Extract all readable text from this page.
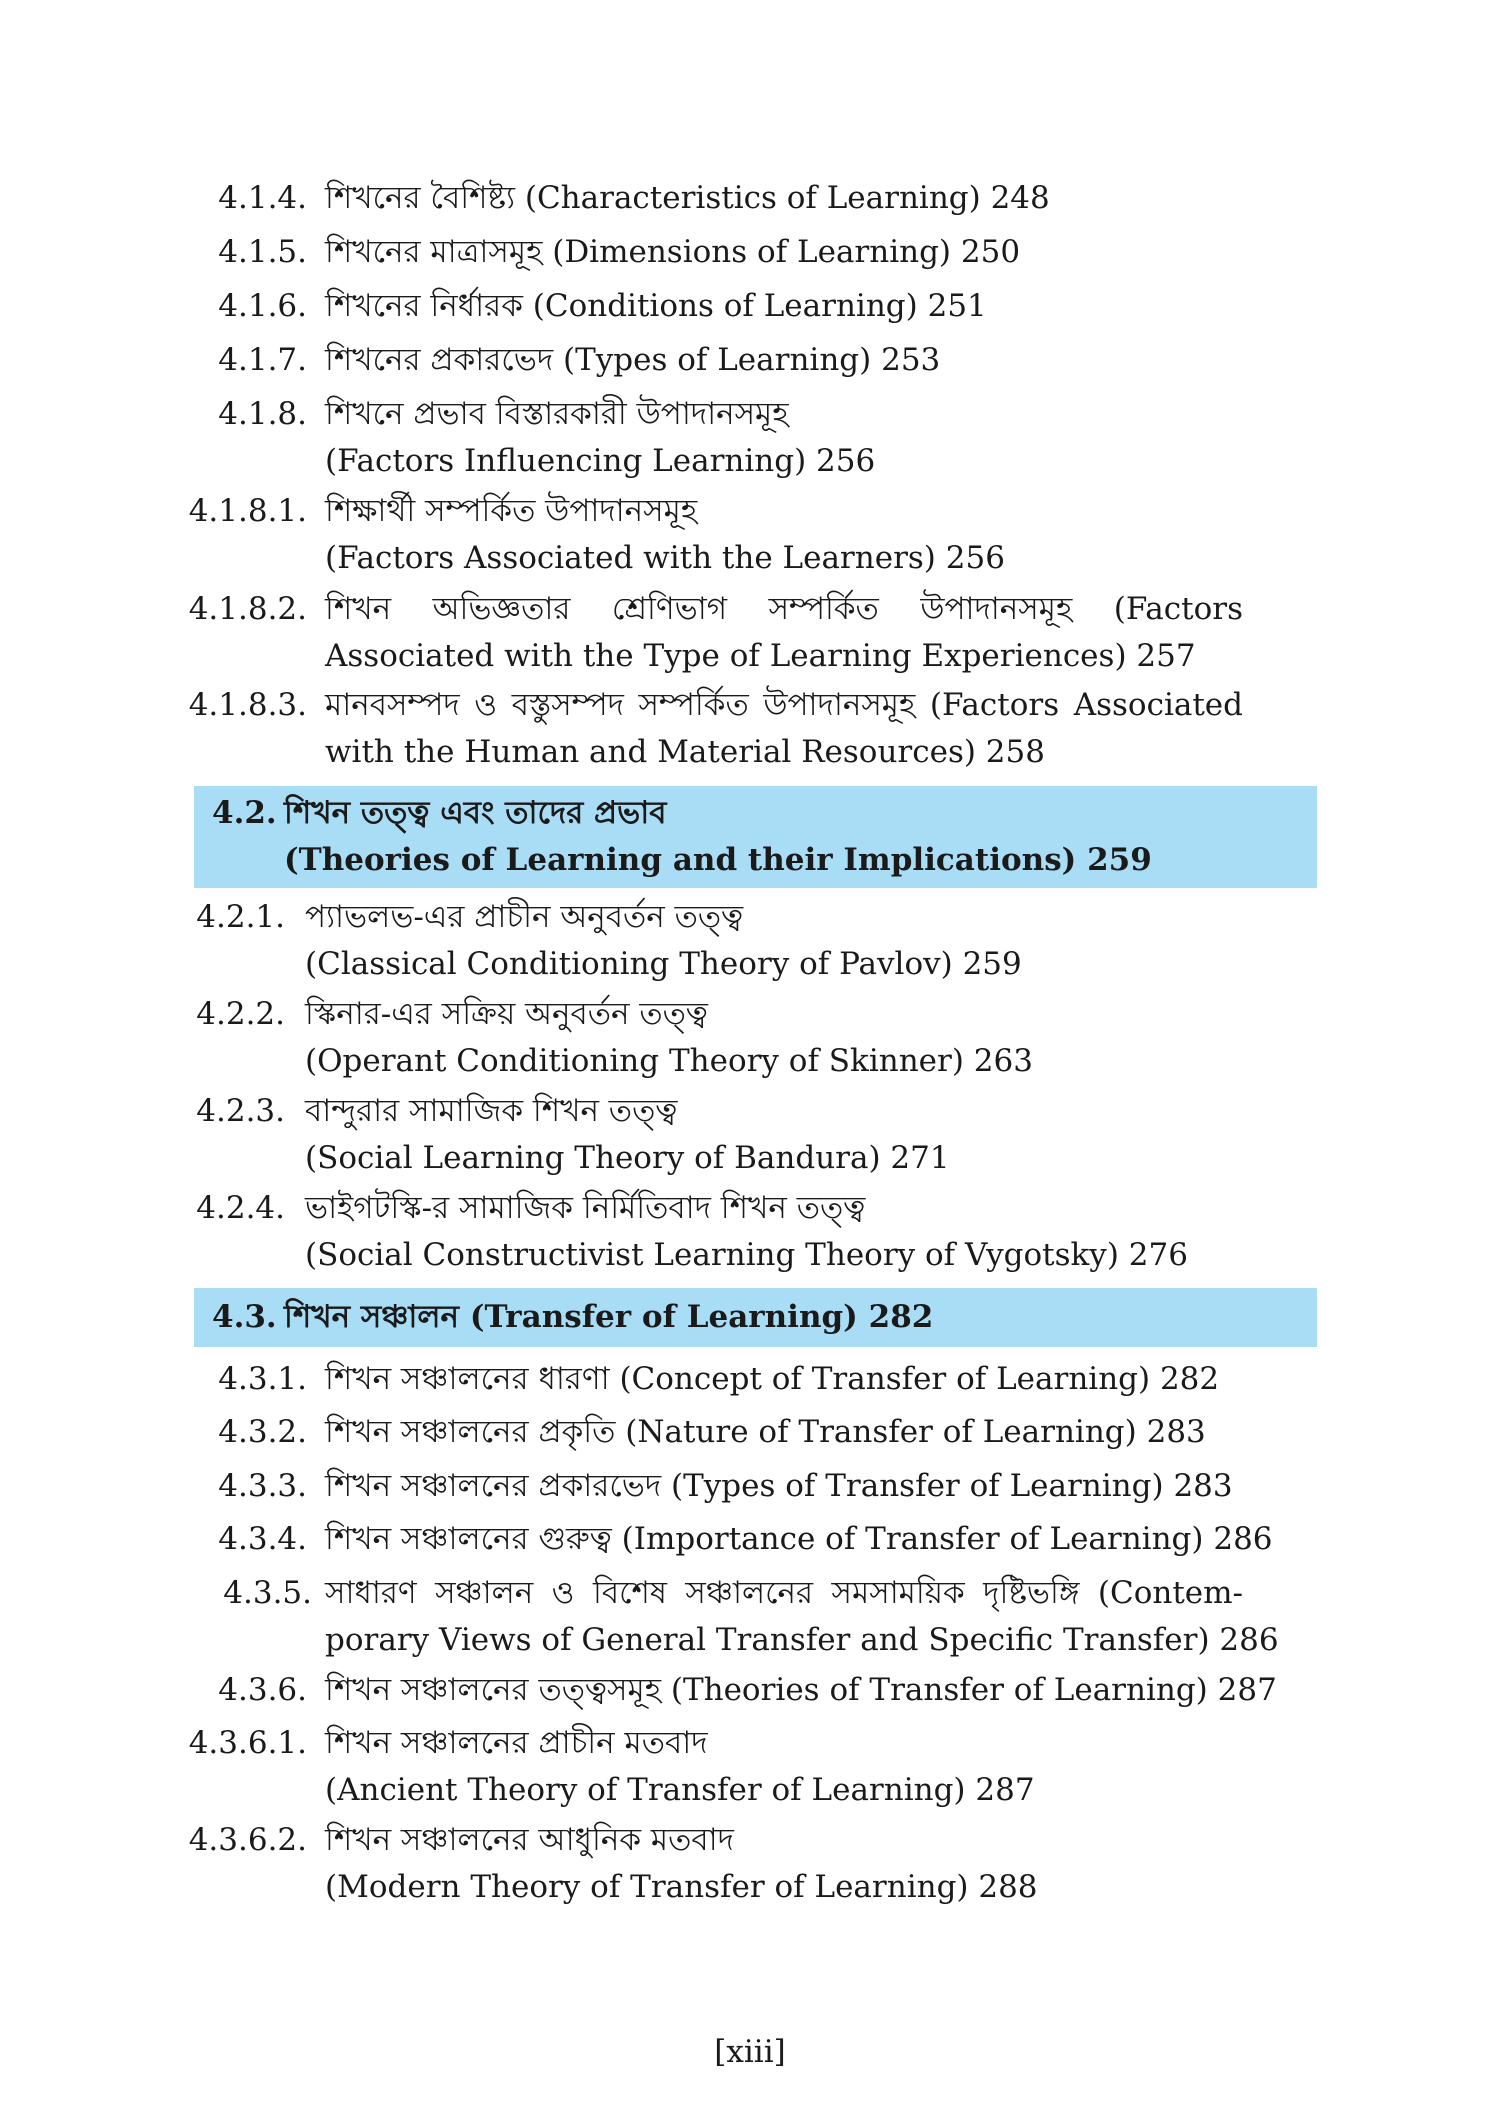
4.1.4. শিখনের বৈশিষ্ট্য (Characteristics of Learning) 248
4.1.5. শিখনের মাত্রাসমূহ (Dimensions of Learning) 250
4.1.6. শিখনের নির্ধারক (Conditions of Learning) 251
4.1.7. শিখনের প্রকারভেদ (Types of Learning) 253
4.1.8. শিখনে প্রভাব বিস্তারকারী উপাদানসমূহ
(Factors Influencing Learning) 256
4.1.8.1. শিক্ষার্থী সম্পর্কিত উপাদানসমূহ
(Factors Associated with the Learners) 256
4.1.8.2. শিখন অভিজ্ঞতার শ্রেণিভাগ সম্পর্কিত উপাদানসমূহ (Factors
Associated with the Type of Learning Experiences) 257
4.1.8.3. মানবসম্পদ ও বস্তুসম্পদ সম্পর্কিত উপাদানসমূহ (Factors Associated
with the Human and Material Resources) 258
4.2. শিখন তত্ত্ব এবং তাদের প্রভাব
(Theories of Learning and their Implications) 259
4.2.1. প্যাভলভ-এর প্রাচীন অনুবর্তন তত্ত্ব
(Classical Conditioning Theory of Pavlov) 259
4.2.2. স্কিনার-এর সক্রিয় অনুবর্তন তত্ত্ব
(Operant Conditioning Theory of Skinner) 263
4.2.3. বান্দুরার সামাজিক শিখন তত্ত্ব
(Social Learning Theory of Bandura) 271
4.2.4. ভাইগটস্কি-র সামাজিক নির্মিতিবাদ শিখন তত্ত্ব
(Social Constructivist Learning Theory of Vygotsky) 276
4.3. শিখন সঞ্চালন (Transfer of Learning) 282
4.3.1. শিখন সঞ্চালনের ধারণা (Concept of Transfer of Learning) 282
4.3.2. শিখন সঞ্চালনের প্রকৃতি (Nature of Transfer of Learning) 283
4.3.3. শিখন সঞ্চালনের প্রকারভেদ (Types of Transfer of Learning) 283
4.3.4. শিখন সঞ্চালনের গুরুত্ব (Importance of Transfer of Learning) 286
4.3.5. সাধারণ সঞ্চালন ও বিশেষ সঞ্চালনের সমসাময়িক দৃষ্টিভঙ্গি (Contem-
porary Views of General Transfer and Specific Transfer) 286
4.3.6. শিখন সঞ্চালনের তত্ত্বসমূহ (Theories of Transfer of Learning) 287
4.3.6.1. শিখন সঞ্চালনের প্রাচীন মতবাদ
(Ancient Theory of Transfer of Learning) 287
4.3.6.2. শিখন সঞ্চালনের আধুনিক মতবাদ
(Modern Theory of Transfer of Learning) 288
[xiii]
